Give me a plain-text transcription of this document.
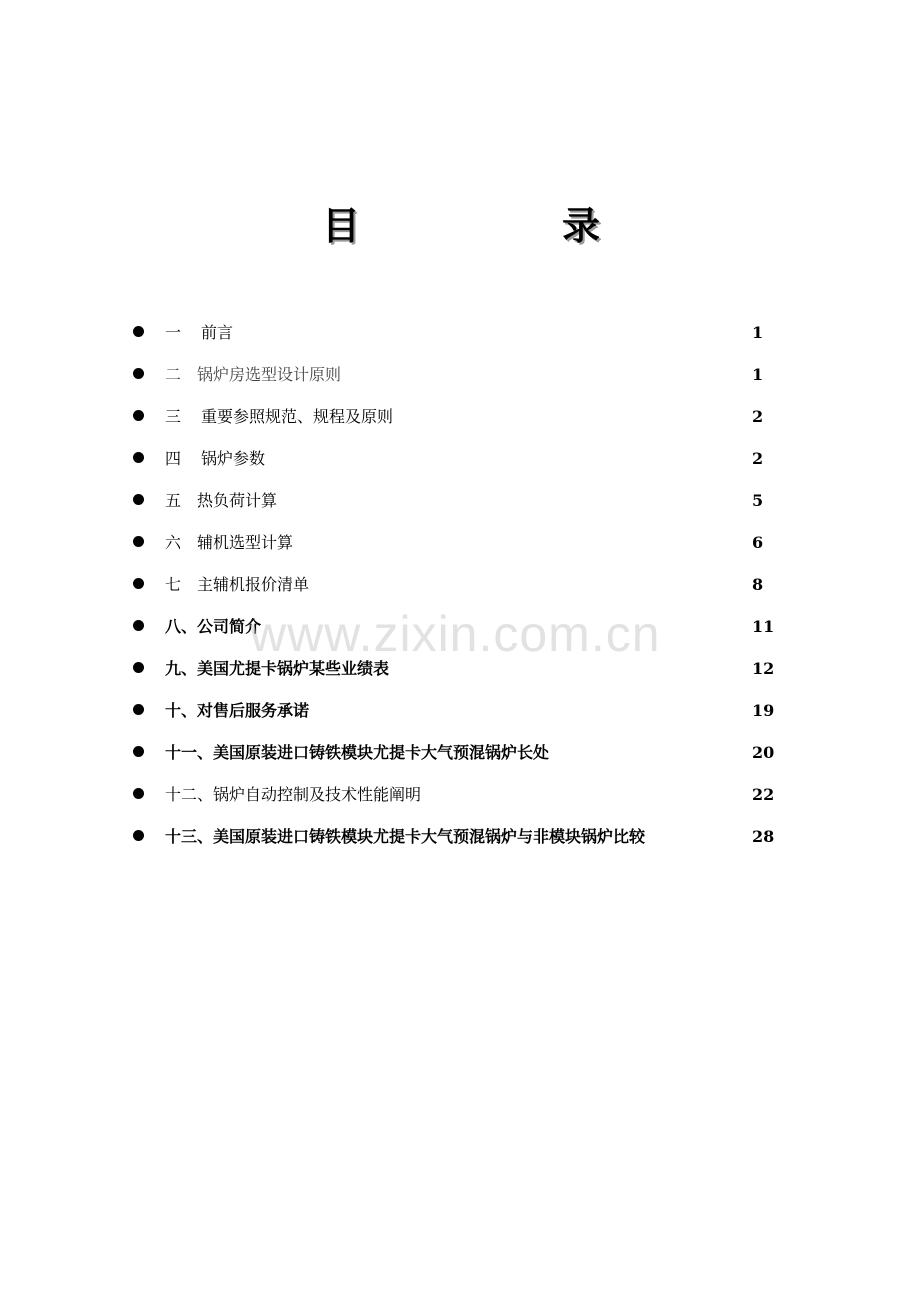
目	录
一 前言	1
二 锅炉房选型设计原则	1
三 重要参照规范、规程及原则	2
四 锅炉参数	2
五 热负荷计算	5
六 辅机选型计算	6
七 主辅机报价清单	8
八、公司简介	11
九、美国尤提卡锅炉某些业绩表	12
十、对售后服务承诺	19
十一、美国原装进口铸铁模块尤提卡大气预混锅炉长处	20
十二、锅炉自动控制及技术性能阐明	22
十三、美国原装进口铸铁模块尤提卡大气预混锅炉与非模块锅炉比较	28
www.zixin.com.cn
